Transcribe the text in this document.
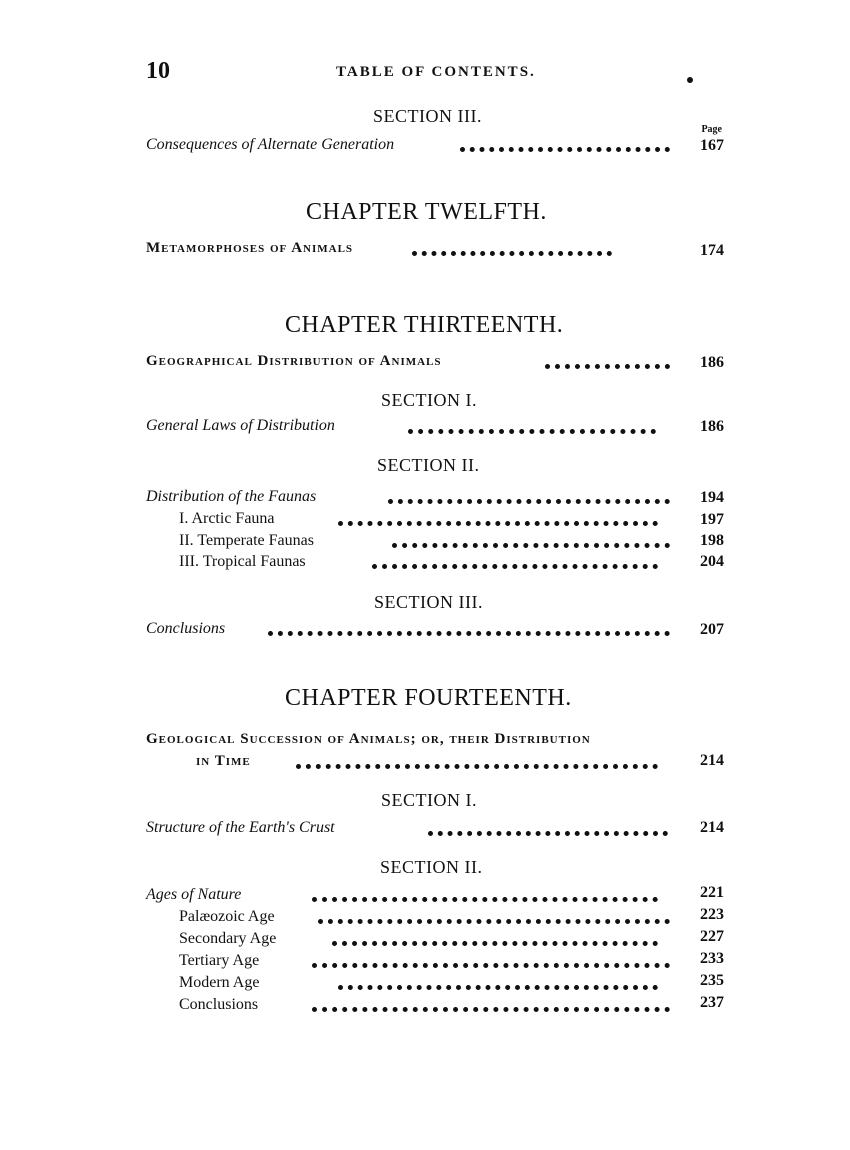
10	TABLE OF CONTENTS.
SECTION III.
Page
Consequences of Alternate Generation	167
CHAPTER TWELFTH.
Metamorphoses of Animals	174
CHAPTER THIRTEENTH.
Geographical Distribution of Animals	186
SECTION I.
General Laws of Distribution	186
SECTION II.
Distribution of the Faunas	194
I. Arctic Fauna	197
II. Temperate Faunas	198
III. Tropical Faunas	204
SECTION III.
Conclusions	207
CHAPTER FOURTEENTH.
Geological Succession of Animals; or, their Distribution
in Time	214
SECTION I.
Structure of the Earth's Crust	214
SECTION II.
Ages of Nature	221
Palæozoic Age	223
Secondary Age	227
Tertiary Age	233
Modern Age	235
Conclusions	237
